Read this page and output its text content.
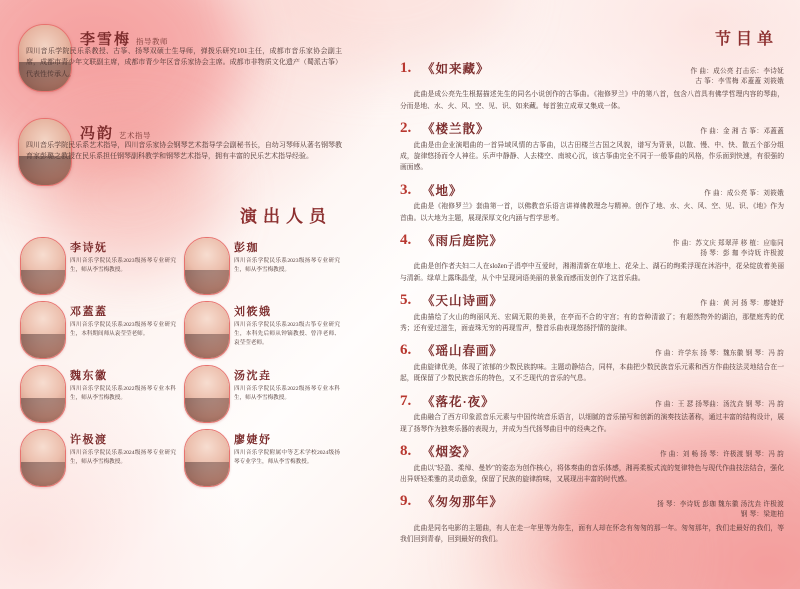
李雪梅 指导教师
四川音乐学院民乐系教授、古筝、扬琴双硕士生导师，弹拨乐研究101主任，成都市音乐家协会副主席，成都市青少年文联副主席，成都市青少年区音乐家协会主席。成都市非物质文化遗产（蜀派古筝）代表性传承人。
冯韵 艺术指导
四川音乐学院民乐系艺术指导，四川音乐家协会钢琴艺术指导学会副秘书长，自幼习琴师从著名钢琴教育家彭璐之教授在民乐系担任钢琴副科教学和钢琴艺术指导，拥有丰富的民乐艺术指导经验。
演出人员
李诗妩
四川音乐学院民乐系2023级扬琴专业研究生，师从李雪梅教授。
彭珈
四川音乐学院民乐系2023级扬琴专业研究生，师从李雪梅教授。
邓蓋蓋
四川音乐学院民乐系2023级扬琴专业研究生，本科期间师从袁莹莹老师。
刘筱娥
四川音乐学院民乐系2023级古筝专业研究生，本科先后师从钟镝教授、曾洋老师、袁莹莹老师。
魏东徽
四川音乐学院民乐系2022级扬琴专业本科生，师从李雪梅教授。
汤沈垚
四川音乐学院民乐系2022级扬琴专业本科生，师从李雪梅教授。
许极渡
四川音乐学院民乐系2024级扬琴专业研究生，师从李雪梅教授。
廖婕妤
四川音乐学院附属中等艺术学校2024级扬琴专业学生，师从李雪梅教授。
节目单
1. 《如来藏》	作 曲：成公亮 打击乐：李诗妩
古 筝：李雪梅 邓蓋蓋 刘筱娥
此曲是成公亮先生根据描述先生的同名小说创作的古筝曲。《袍修罗兰》中的第八首，包含八首具有佛学哲理内容的琴曲，分而是地、水、火、风、空、见、识、如来藏。每首独立成章又集成一体。
2. 《楼兰散》	作 曲：金 湘 古 筝：邓蓋蓋
此曲是由企业演唱曲的一首异域风情的古筝曲，以古田楼兰古国之风貌，谱写为背景，以散、慢、中、快、散五个部分组成，旋律悠扬而令人神往。乐声中静静、人去楼空、南坡心沉，该古筝曲完全不同于一般筝曲的风格，作乐面到快速，有很强的画面感。
3. 《地》	作 曲：成公亮 筝：刘筱娥
此曲是《袍修罗兰》套曲第一首，以佛教音乐语言讲禅佛教理念与精神。创作了地、水、火、风、空、见、识、《地》作为首曲。以大地为主题，展现深厚文化内涵与哲学思考。
4. 《雨后庭院》	作 曲：苏文庆 郑翠萍 移 植：应临同
扬 琴：彭 珈 李诗妩 许极渡
此曲是创作者夫妇二人在složen子涓亭中互爱时，湘湘清新在草地上、花朵上、湖石的绚柔浮现在沐浴中，花朵绽放着美丽与清新。绿草上露珠晶莹，从个中呈现词语美丽的景象而感而发创作了这首乐曲。
5. 《天山诗画》	作 曲：黄 河 扬 琴：廖婕妤
此曲描绘了火山的绚丽风光、宏阔无限的美景，在亭而不合的守宫；有的音种清澈了；有超然物外的湖泊，那壁庭秀的优秀；还有爱过滋生，面壶珠无穷的再现雪声，整首乐曲表现悠扬抒情的旋律。
6. 《瑶山春画》	作 曲：许学东 扬 琴：魏东徽 钢 琴：冯 韵
此曲旋律优美，体现了浓郁的少数民族韵味。主题动静结合，同样，本曲把少数民族音乐元素和西方作曲技法灵地结合在一起，既保留了少数民族音乐的特色，又不乏现代的音乐的气息。
7. 《落花·夜》	作 曲：王 瑟 扬琴曲：汤沈垚 钢 琴：冯 韵
此曲融合了西方印象派音乐元素与中国传统音乐语言，以细腻的音乐描写和创新的演奏技法著称，通过丰富的结构设计，展现了扬琴作为独奏乐器的表现力，并成为当代扬琴曲目中的经典之作。
8. 《烟姿》	作 曲：刘 畅 扬 琴：许极渡 钢 琴：冯 韵
此曲以"轻盈、柔绰、曼妙"的姿态为创作核心，将体奏曲的音乐体感，湘再柔板式流的复律特色与现代作曲技法结合，强化出异妍轻柔雅的灵动意象，保留了民族的旋律韵味，又展现出丰富的时代感。
9. 《匆匆那年》	扬 琴：李诗妩 彭珈 魏东徽 汤沈垚 许极渡
钢 琴：梁迦柏
此曲是同名电影的主题曲，有人在走一年里等为你生，面有人却在怀念有匆匆的那一年。匆匆那年，我们走最好的我们，等我们回到青春，回到最好的我们。
